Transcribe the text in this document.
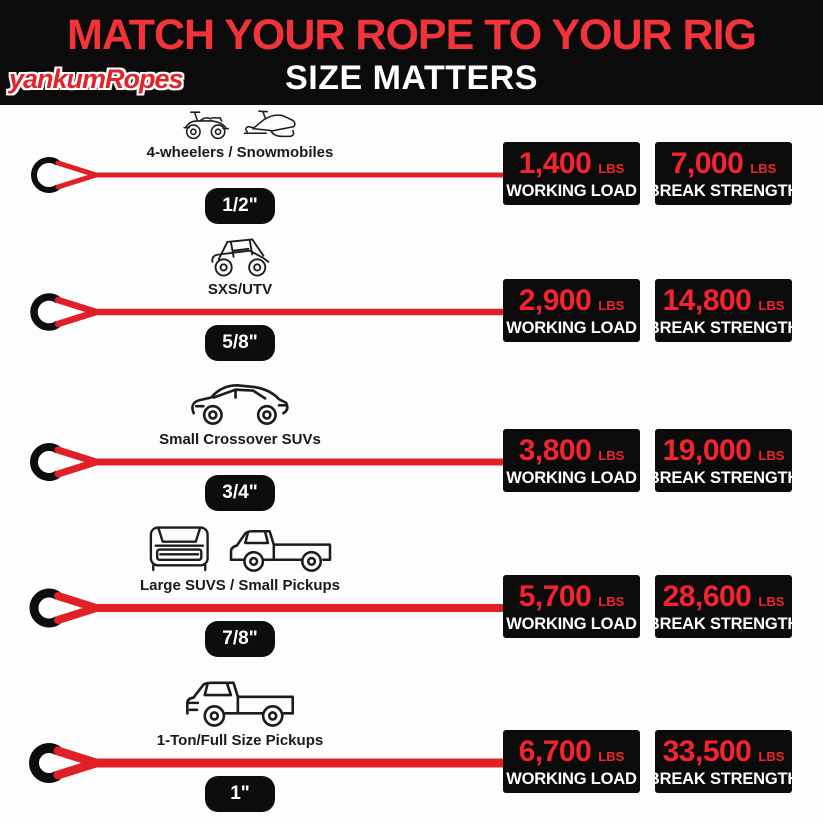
MATCH YOUR ROPE TO YOUR RIG
SIZE MATTERS
yankumRopes
4-wheelers / Snowmobiles
1/2"
1,400 LBS
WORKING LOAD
7,000 LBS
BREAK STRENGTH
SXS/UTV
5/8"
2,900 LBS
WORKING LOAD
14,800 LBS
BREAK STRENGTH
Small Crossover SUVs
3/4"
3,800 LBS
WORKING LOAD
19,000 LBS
BREAK STRENGTH
Large SUVS / Small Pickups
7/8"
5,700 LBS
WORKING LOAD
28,600 LBS
BREAK STRENGTH
1-Ton/Full Size Pickups
1"
6,700 LBS
WORKING LOAD
33,500 LBS
BREAK STRENGTH
